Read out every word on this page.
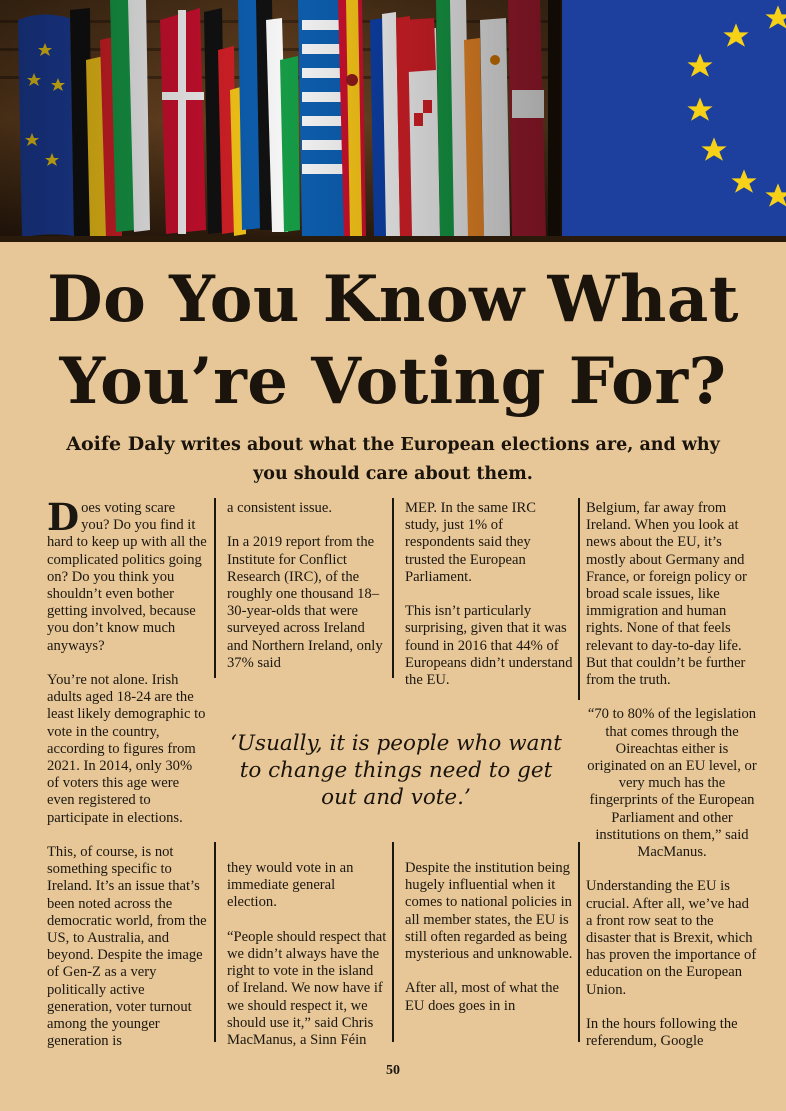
Do You Know What
You’re Voting For?
Aoife Daly writes about what the European elections are, and why you should care about them.

Does voting scare you? Do you find it hard to keep up with all the complicated politics going on? Do you think you shouldn’t even bother getting involved, because you don’t know much anyways?

You’re not alone. Irish adults aged 18-24 are the least likely demographic to vote in the country, according to figures from 2021. In 2014, only 30% of voters this age were even registered to participate in elections.

This, of course, is not something specific to Ireland. It’s an issue that’s been noted across the democratic world, from the US, to Australia, and beyond. Despite the image of Gen-Z as a very politically active generation, voter turnout among the younger generation is

a consistent issue.

In a 2019 report from the Institute for Conflict Research (IRC), of the roughly one thousand 18–30-year-olds that were surveyed across Ireland and Northern Ireland, only 37% said

MEP. In the same IRC study, just 1% of respondents said they trusted the European Parliament.

This isn’t particularly surprising, given that it was found in 2016 that 44% of Europeans didn’t understand the EU.

Belgium, far away from Ireland. When you look at news about the EU, it’s mostly about Germany and France, or foreign policy or broad scale issues, like immigration and human rights. None of that feels relevant to day-to-day life. But that couldn’t be further from the truth.

“70 to 80% of the legislation that comes through the Oireachtas either is originated on an EU level, or very much has the fingerprints of the European Parliament and other institutions on them,” said MacManus.

Understanding the EU is crucial. After all, we’ve had a front row seat to the disaster that is Brexit, which has proven the importance of education on the European Union.

In the hours following the referendum, Google

‘Usually, it is people who want to change things need to get out and vote.’

they would vote in an immediate general election.

“People should respect that we didn’t always have the right to vote in the island of Ireland. We now have if we should respect it, we should use it,” said Chris MacManus, a Sinn Féin

Despite the institution being hugely influential when it comes to national policies in all member states, the EU is still often regarded as being mysterious and unknowable.

After all, most of what the EU does goes in in

50
